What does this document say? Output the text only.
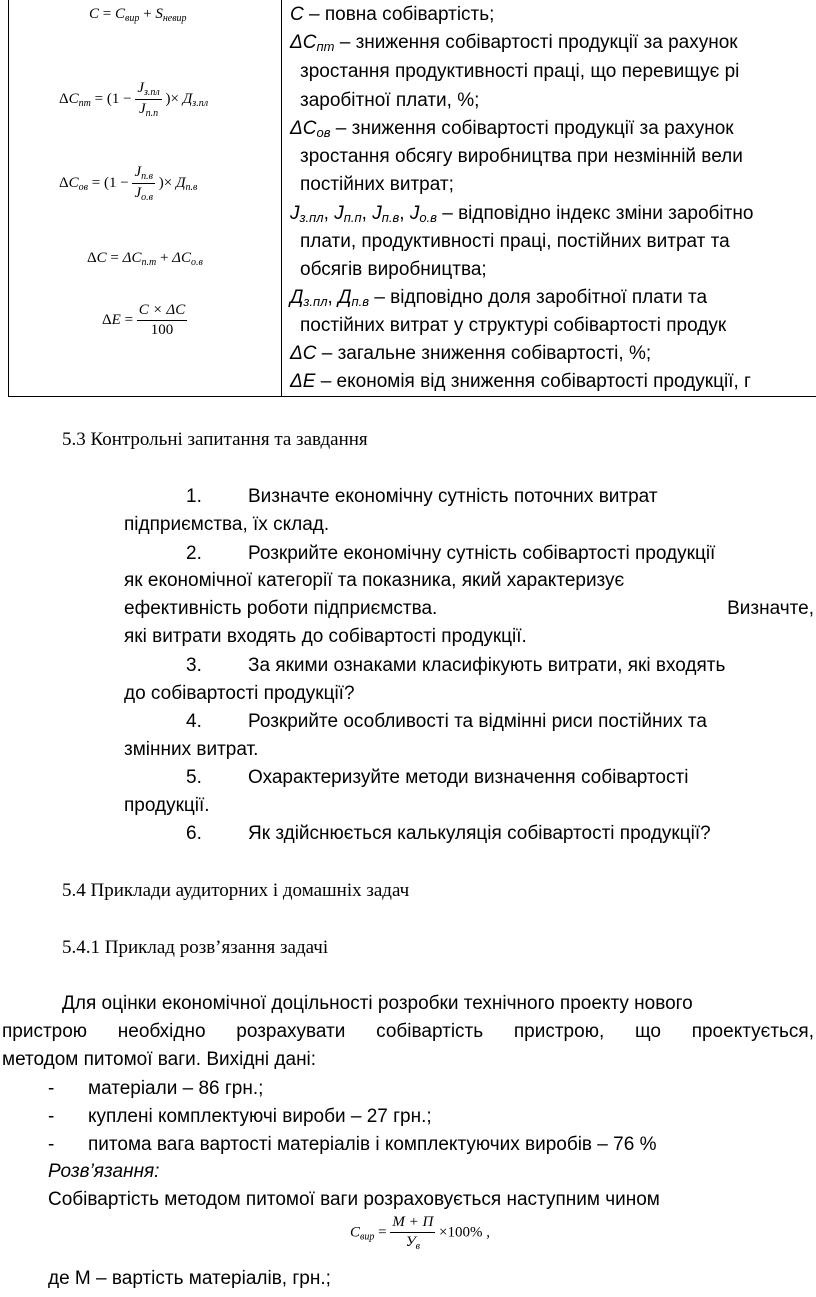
$C = C_{вир} + S_{невир}$
$\Delta C_{пт} = (1 - \frac{J_{з.пл}}{J_{п.п}}$ )× $Д_{з.пл}$
$\Delta C_{ов} = (1 - \frac{J_{п.в}}{J_{о.в}}$ )× $Д_{п.в}$
$\Delta C = \Delta C_{п.т} + \Delta C_{о.в}$
$\Delta E = \frac{C \times \Delta C}{100}$
С – повна собівартість;
$\Delta С_{пт}$ – зниження собівартості продукції за рахунок
зростання продуктивності праці, що перевищує рі
заробітної плати, %;
$\Delta С_{ов}$ – зниження собівартості продукції за рахунок
зростання обсягу виробництва при незмінній вели
постійних витрат;
$J_{з.пл}$, $J_{п.п}$, $J_{п.в}$, $J_{о.в}$ – відповідно індекс зміни заробітно
плати, продуктивності праці, постійних витрат та
обсягів виробництва;
$Д_{з.пл}$, $Д_{п.в}$ – відповідно доля заробітної плати та
постійних витрат у структурі собівартості продук
ΔС – загальне зниження собівартості, %;
ΔЕ – економія від зниження собівартості продукції, г
5.3 Контрольні запитання та завдання
1. Визначте економічну сутність поточних витрат
підприємства, їх склад.
2. Розкрийте економічну сутність собівартості продукції
як економічної категорії та показника, який характеризує
ефективність роботи підприємства.	Визначте,
які витрати входять до собівартості продукції.
3. За якими ознаками класифікують витрати, які входять
до собівартості продукції?
4. Розкрийте особливості та відмінні риси постійних та
змінних витрат.
5. Охарактеризуйте методи визначення собівартості
продукції.
6. Як здійснюється калькуляція собівартості продукції?
5.4 Приклади аудиторних і домашніх задач
5.4.1 Приклад розв’язання задачі
Для оцінки економічної доцільності розробки технічного проекту нового
пристрою необхідно розрахувати собівартість пристрою, що проектується,
методом питомої ваги. Вихідні дані:
- матеріали – 86 грн.;
- куплені комплектуючі вироби – 27 грн.;
- питома вага вартості матеріалів і комплектуючих виробів – 76 %
Розв’язання:
Собівартість методом питомої ваги розраховується наступним чином
$C_{вир} = \frac{М + П}{У_в} \times 100\%$ ,
де М – вартість матеріалів, грн.;
